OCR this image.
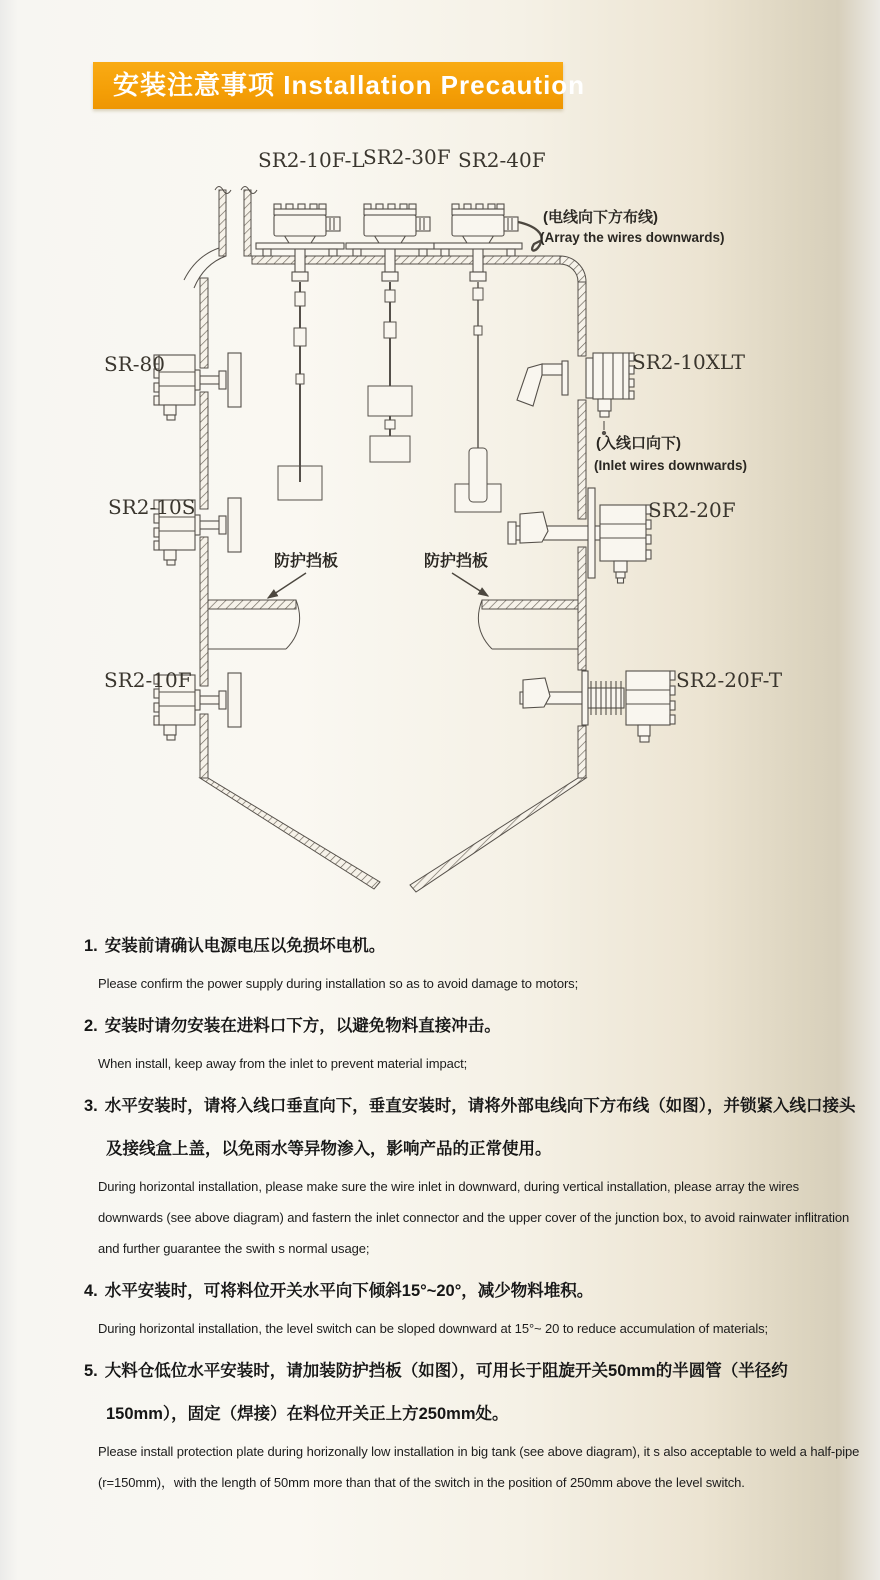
安装注意事项 Installation Precaution
SR2-10F-L
SR2-30F SR2-40F
SR-80	SR2-10XLT
SR2-10S	SR2-20F
SR2-10F	SR2-20F-T
(电线向下方布线)
(Array the wires downwards)
(入线口向下)
(Inlet wires downwards)
防护挡板	防护挡板
1. 安装前请确认电源电压以免损坏电机。
Please confirm the power supply during installation so as to avoid damage to motors;
2. 安装时请勿安装在进料口下方，以避免物料直接冲击。
When install, keep away from the inlet to prevent material impact;
3. 水平安装时，请将入线口垂直向下，垂直安装时，请将外部电线向下方布线（如图），并锁紧入线口接头及接线盒上盖，以免雨水等异物渗入，影响产品的正常使用。
During horizontal installation, please make sure the wire inlet in downward, during vertical installation, please array the wires downwards (see above diagram) and fastern the inlet connector and the upper cover of the junction box, to avoid rainwater inflitration and further guarantee the swith s normal usage;
4. 水平安装时，可将料位开关水平向下倾斜15°~20°，减少物料堆积。
During horizontal installation, the level switch can be sloped downward at 15°~ 20 to reduce accumulation of materials;
5. 大料仓低位水平安装时，请加装防护挡板（如图），可用长于阻旋开关50mm的半圆管（半径约150mm），固定（焊接）在料位开关正上方250mm处。
Please install protection plate during horizonally low installation in big tank (see above diagram), it s also acceptable to weld a half-pipe (r=150mm)，with the length of 50mm more than that of the switch in the position of 250mm above the level switch.
